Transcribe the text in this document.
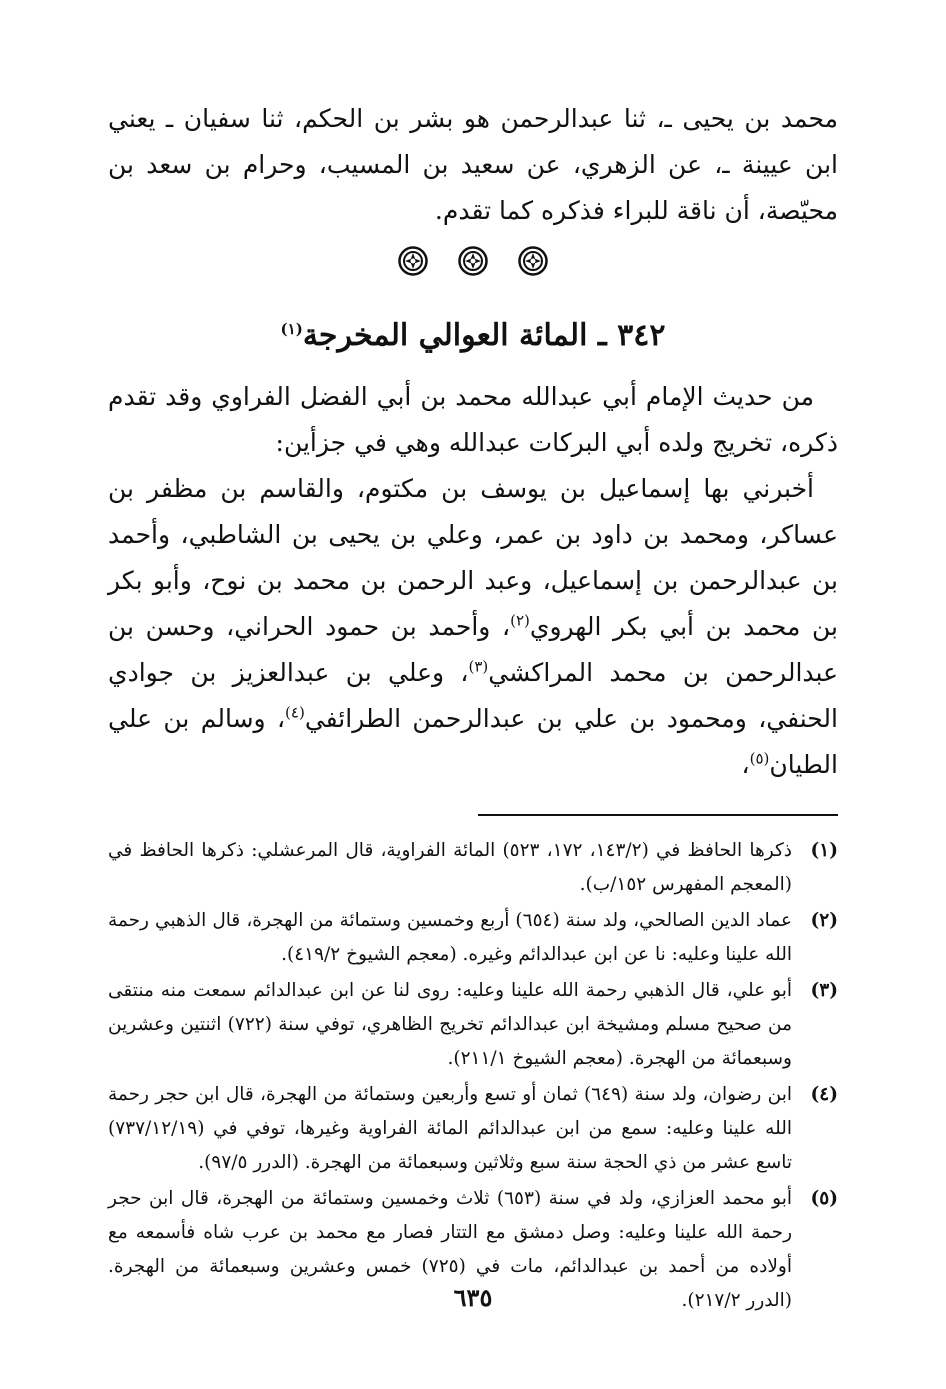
محمد بن يحيى ـ، ثنا عبدالرحمن هو بشر بن الحكم، ثنا سفيان ـ يعني ابن عيينة ـ، عن الزهري، عن سعيد بن المسيب، وحرام بن سعد بن محيّصة، أن ناقة للبراء فذكره كما تقدم.

٣٤٢ ـ المائة العوالي المخرجة$^{(١)}$

من حديث الإمام أبي عبدالله محمد بن أبي الفضل الفراوي وقد تقدم ذكره، تخريج ولده أبي البركات عبدالله وهي في جزأين:

أخبرني بها إسماعيل بن يوسف بن مكتوم، والقاسم بن مظفر بن عساكر، ومحمد بن داود بن عمر، وعلي بن يحيى بن الشاطبي، وأحمد بن عبدالرحمن بن إسماعيل، وعبد الرحمن بن محمد بن نوح، وأبو بكر بن محمد بن أبي بكر الهروي$^{(٢)}$، وأحمد بن حمود الحراني، وحسن بن عبدالرحمن بن محمد المراكشي$^{(٣)}$، وعلي بن عبدالعزيز بن جوادي الحنفي، ومحمود بن علي بن عبدالرحمن الطرائفي$^{(٤)}$، وسالم بن علي الطيان$^{(٥)}$،

(١)
ذكرها الحافظ في (١٤٣/٢، ١٧٢، ٥٢٣) المائة الفراوية، قال المرعشلي: ذكرها الحافظ في (المعجم المفهرس ١٥٢/ب).
(٢)
عماد الدين الصالحي، ولد سنة (٦٥٤) أربع وخمسين وستمائة من الهجرة، قال الذهبي رحمة الله علينا وعليه: نا عن ابن عبدالدائم وغيره. (معجم الشيوخ ٤١٩/٢).
(٣)
أبو علي، قال الذهبي رحمة الله علينا وعليه: روى لنا عن ابن عبدالدائم سمعت منه منتقى من صحيح مسلم ومشيخة ابن عبدالدائم تخريج الظاهري، توفي سنة (٧٢٢) اثنتين وعشرين وسبعمائة من الهجرة. (معجم الشيوخ ٢١١/١).
(٤)
ابن رضوان، ولد سنة (٦٤٩) ثمان أو تسع وأربعين وستمائة من الهجرة، قال ابن حجر رحمة الله علينا وعليه: سمع من ابن عبدالدائم المائة الفراوية وغيرها، توفي في (٧٣٧/١٢/١٩) تاسع عشر من ذي الحجة سنة سبع وثلاثين وسبعمائة من الهجرة. (الدرر ٩٧/٥).
(٥)
أبو محمد العزازي، ولد في سنة (٦٥٣) ثلاث وخمسين وستمائة من الهجرة، قال ابن حجر رحمة الله علينا وعليه: وصل دمشق مع التتار فصار مع محمد بن عرب شاه فأسمعه مع أولاده من أحمد بن عبدالدائم، مات في (٧٢٥) خمس وعشرين وسبعمائة من الهجرة. (الدرر ٢١٧/٢).
٦٣٥
